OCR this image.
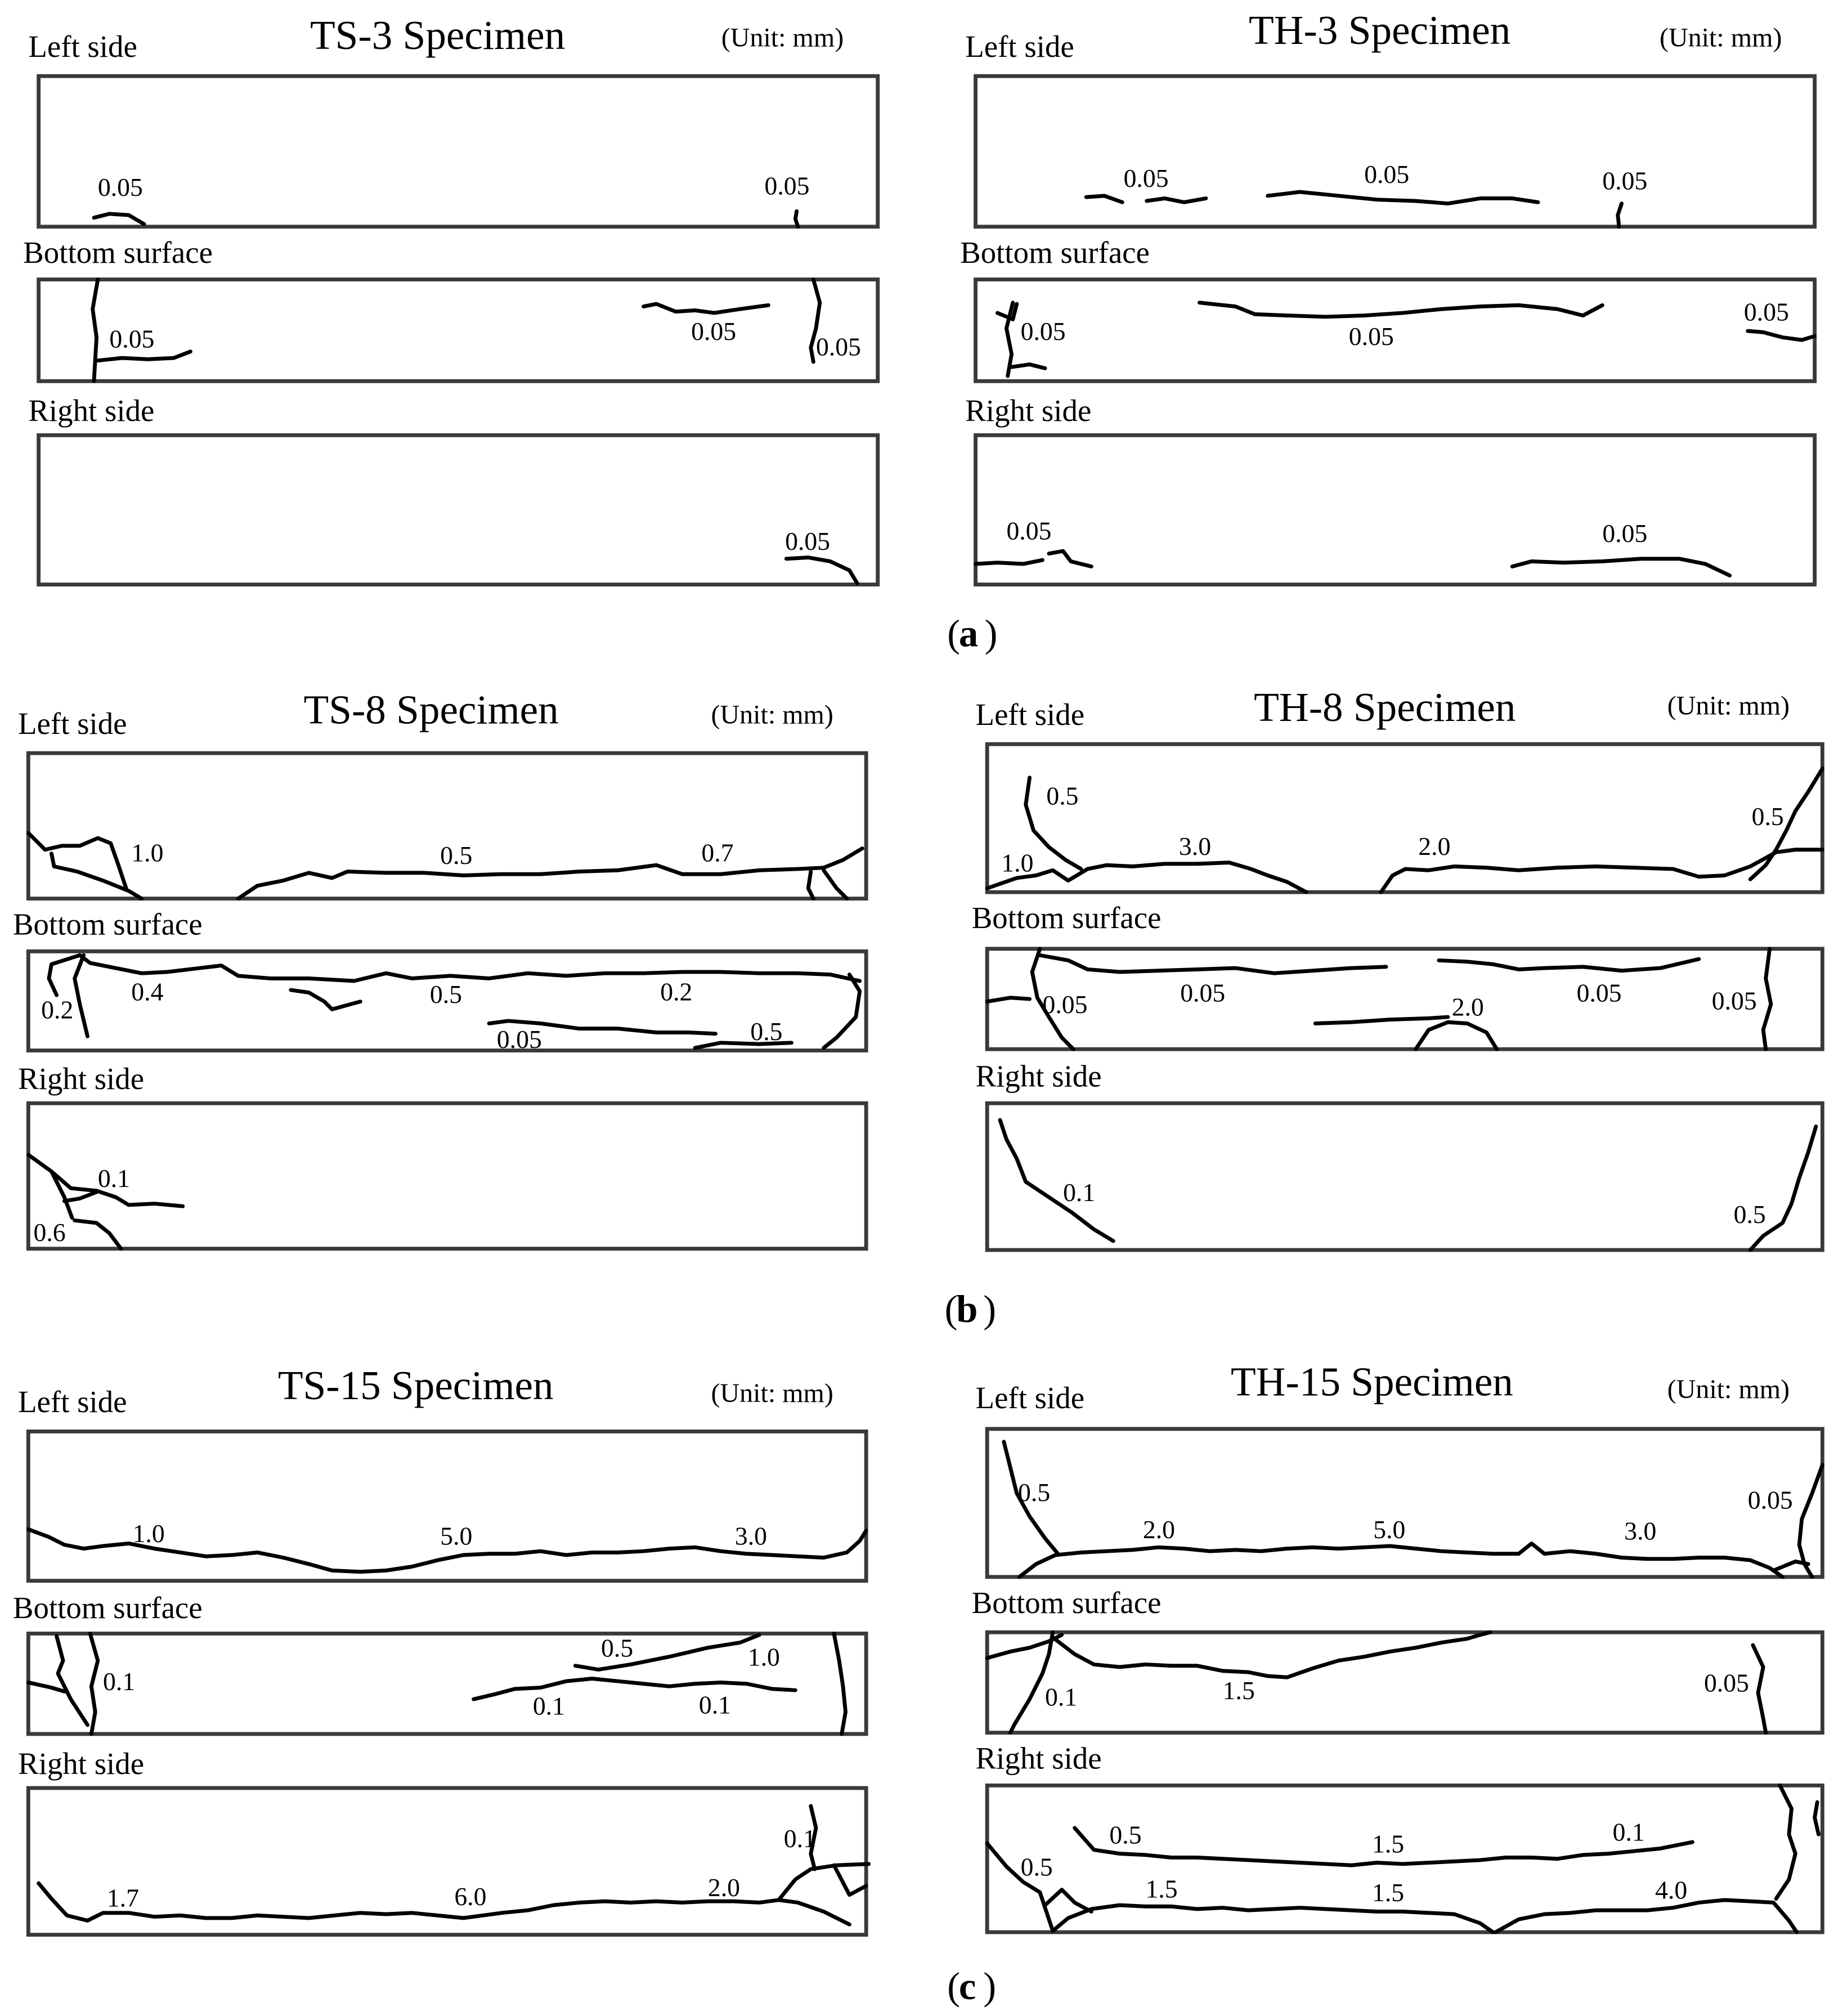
TS-3 Specimen	(Unit: mm)
Left side
0.05	0.05
Bottom surface
0.05	0.05
0.05
Right side
0.05
TH-3 Specimen	(Unit: mm)
Left side
0.05	0.05	0.05
Bottom surface
0.05	0.05
0.05
Right side
0.05	0.05
(
a )
TS-8 Specimen	(Unit: mm)
Left side
1.0	0.5	0.7
Bottom surface
0.2
0.4	0.5	0.2
0.05	0.5
Right side
0.1
0.6
TH-8 Specimen	(Unit: mm)
Left side
0.5
1.0
3.0	2.0
0.5
Bottom surface
0.05	0.05	2.0	0.05	0.05
Right side
0.1
0.5
(
b )
TS-15 Specimen	(Unit: mm)
Left side
1.0	5.0	3.0
Bottom surface
0.1
0.5	1.0
0.1	0.1
Right side
1.7	6.0	2.0
0.1
TH-15 Specimen	(Unit: mm)
Left side
0.5
2.0	5.0	3.0
0.05
Bottom surface
0.1	1.5	0.05
Right side
0.5	1.5	0.1
0.5
1.5	1.5	4.0
(
c )
